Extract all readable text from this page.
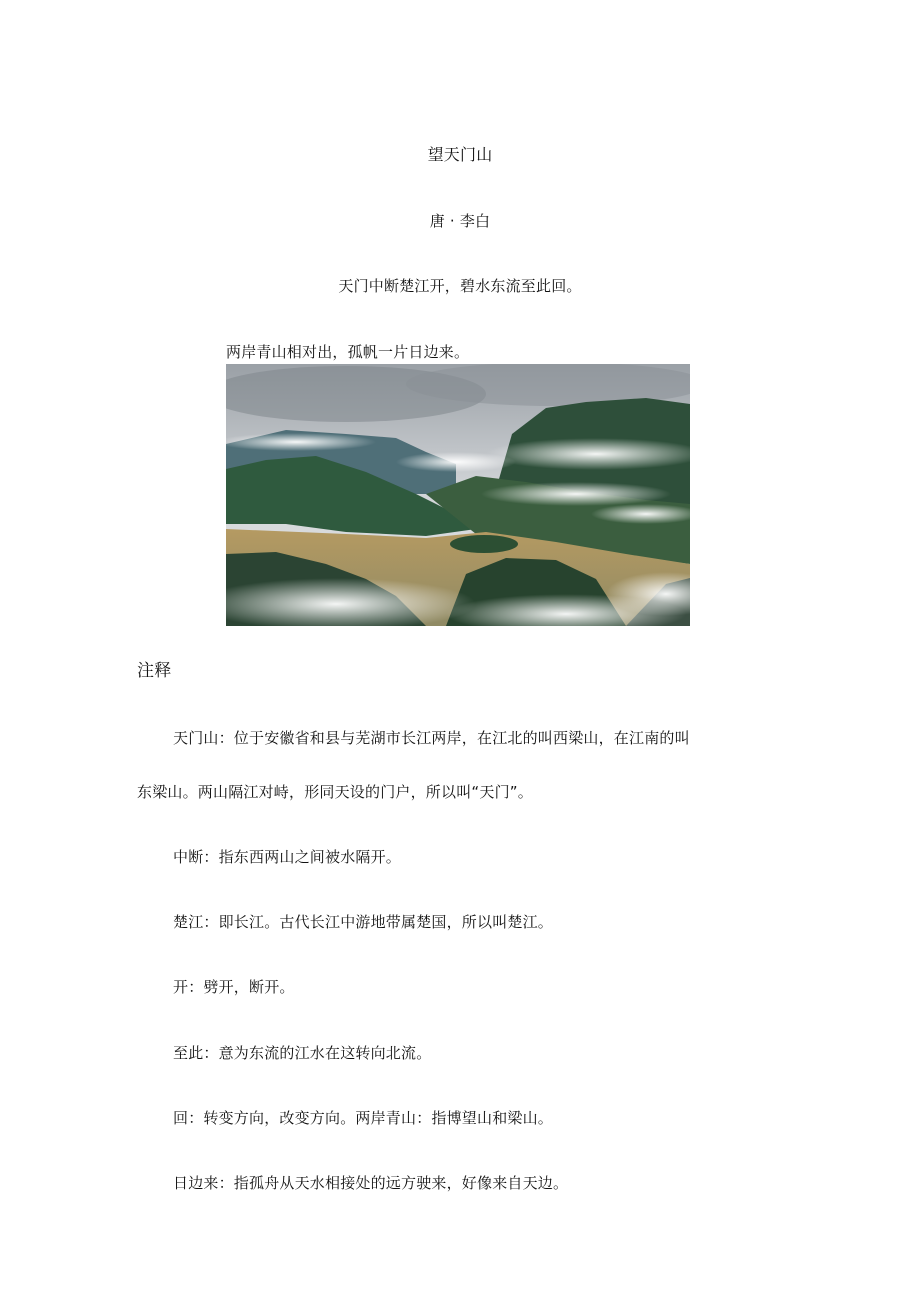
望天门山
唐 · 李白
天门中断楚江开，碧水东流至此回。
两岸青山相对出，孤帆一片日边来。
注释
天门山：位于安徽省和县与芜湖市长江两岸，在江北的叫西梁山，在江南的叫
东梁山。两山隔江对峙，形同天设的门户，所以叫“天门”。
中断：指东西两山之间被水隔开。
楚江：即长江。古代长江中游地带属楚国，所以叫楚江。
开：劈开，断开。
至此：意为东流的江水在这转向北流。
回：转变方向，改变方向。两岸青山：指博望山和梁山。
日边来：指孤舟从天水相接处的远方驶来，好像来自天边。
